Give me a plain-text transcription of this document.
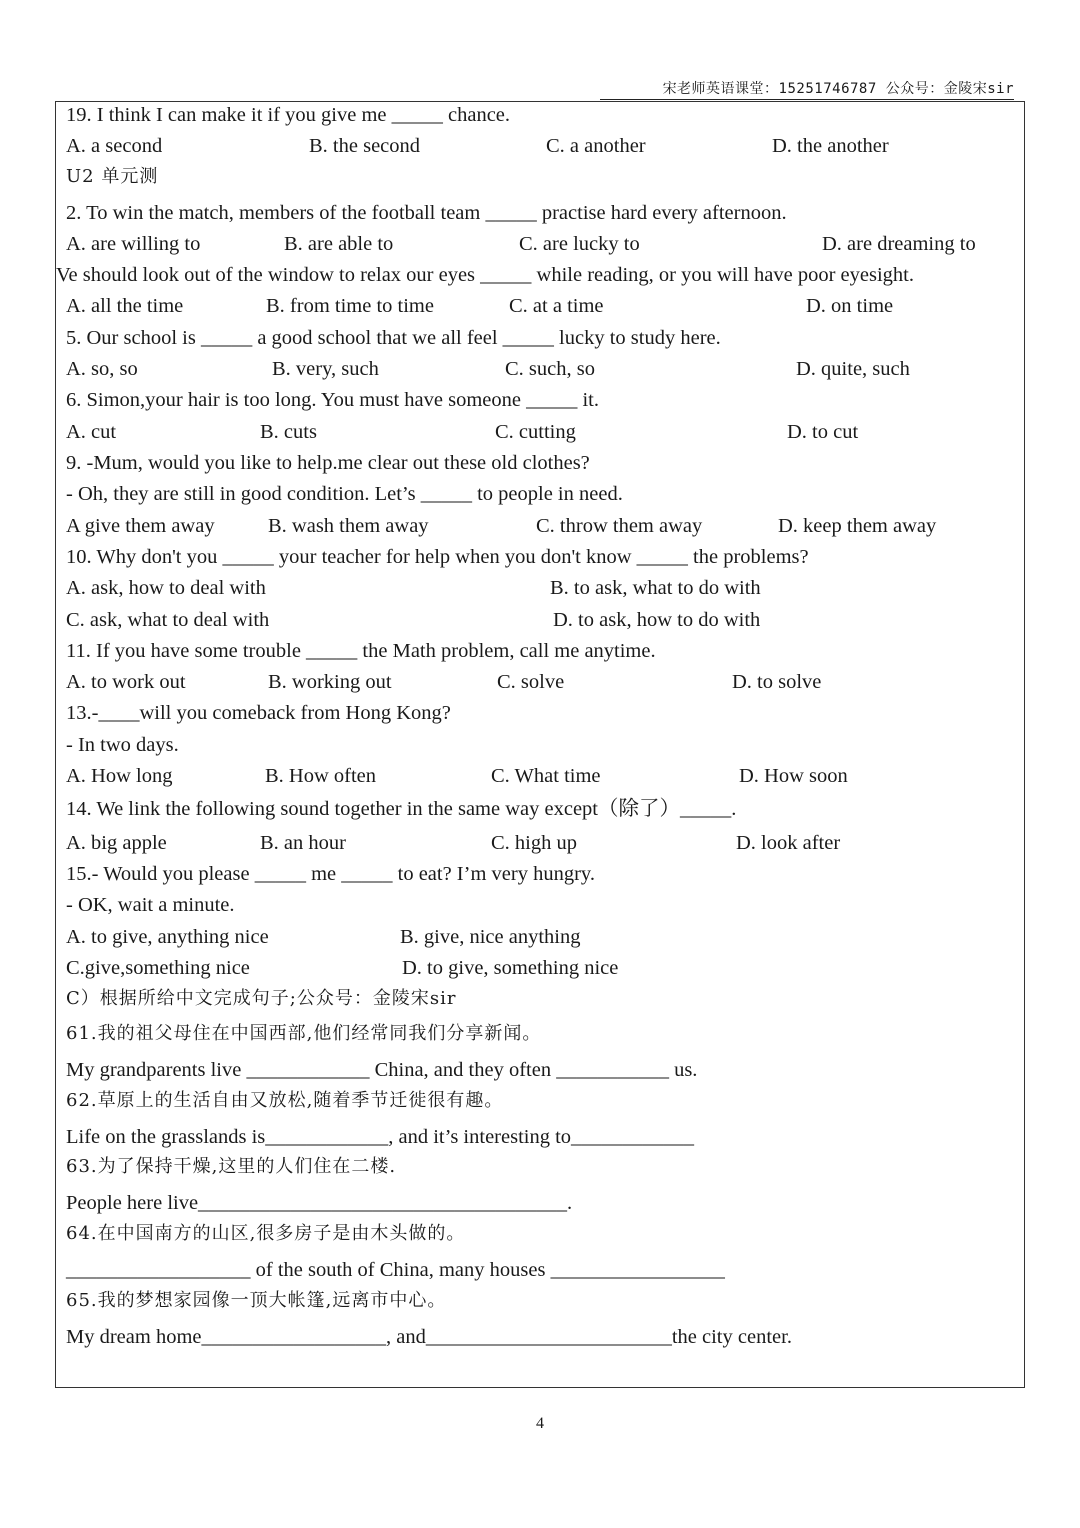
宋老师英语课堂：15251746787 公众号：金陵宋sir
19. I think I can make it if you give me _____ chance.
A. a second	B. the second	C. a another	D. the another
U2 单元测
2. To win the match, members of the football team _____ practise hard every afternoon.
A. are willing to	B. are able to	C. are lucky to	D. are dreaming to
Ve should look out of the window to relax our eyes _____ while reading, or you will have poor eyesight.
A. all the time	B. from time to time	C. at a time	D. on time
5. Our school is _____ a good school that we all feel _____ lucky to study here.
A. so, so	B. very, such	C. such, so	D. quite, such
6. Simon,your hair is too long. You must have someone _____ it.
A. cut	B. cuts	C. cutting	D. to cut
9. -Mum, would you like to help.me clear out these old clothes?
- Oh, they are still in good condition. Let’s _____ to people in need.
A give them away	B. wash them away	C. throw them away	D. keep them away
10. Why don't you _____ your teacher for help when you don't know _____ the problems?
A. ask, how to deal with	B. to ask, what to do with
C. ask, what to deal with	D. to ask, how to do with
11. If you have some trouble _____ the Math problem, call me anytime.
A. to work out	B. working out	C. solve	D. to solve
13.-____will you comeback from Hong Kong?
- In two days.
A. How long	B. How often	C. What time	D. How soon
14. We link the following sound together in the same way except（除了）_____.
A. big apple	B. an hour	C. high up	D. look after
15.- Would you please _____ me _____ to eat? I’m very hungry.
- OK, wait a minute.
A. to give, anything nice	B. give, nice anything
C.give,something nice	D. to give, something nice
C）根据所给中文完成句子;公众号：金陵宋sir
61.我的祖父母住在中国西部,他们经常同我们分享新闻。
My grandparents live ____________ China, and they often ___________ us.
62.草原上的生活自由又放松,随着季节迁徙很有趣。
Life on the grasslands is____________, and it’s interesting to____________
63.为了保持干燥,这里的人们住在二楼.
People here live____________________________________.
64.在中国南方的山区,很多房子是由木头做的。
__________________ of the south of China, many houses _________________
65.我的梦想家园像一顶大帐篷,远离市中心。
My dream home__________________, and________________________the city center.
4
